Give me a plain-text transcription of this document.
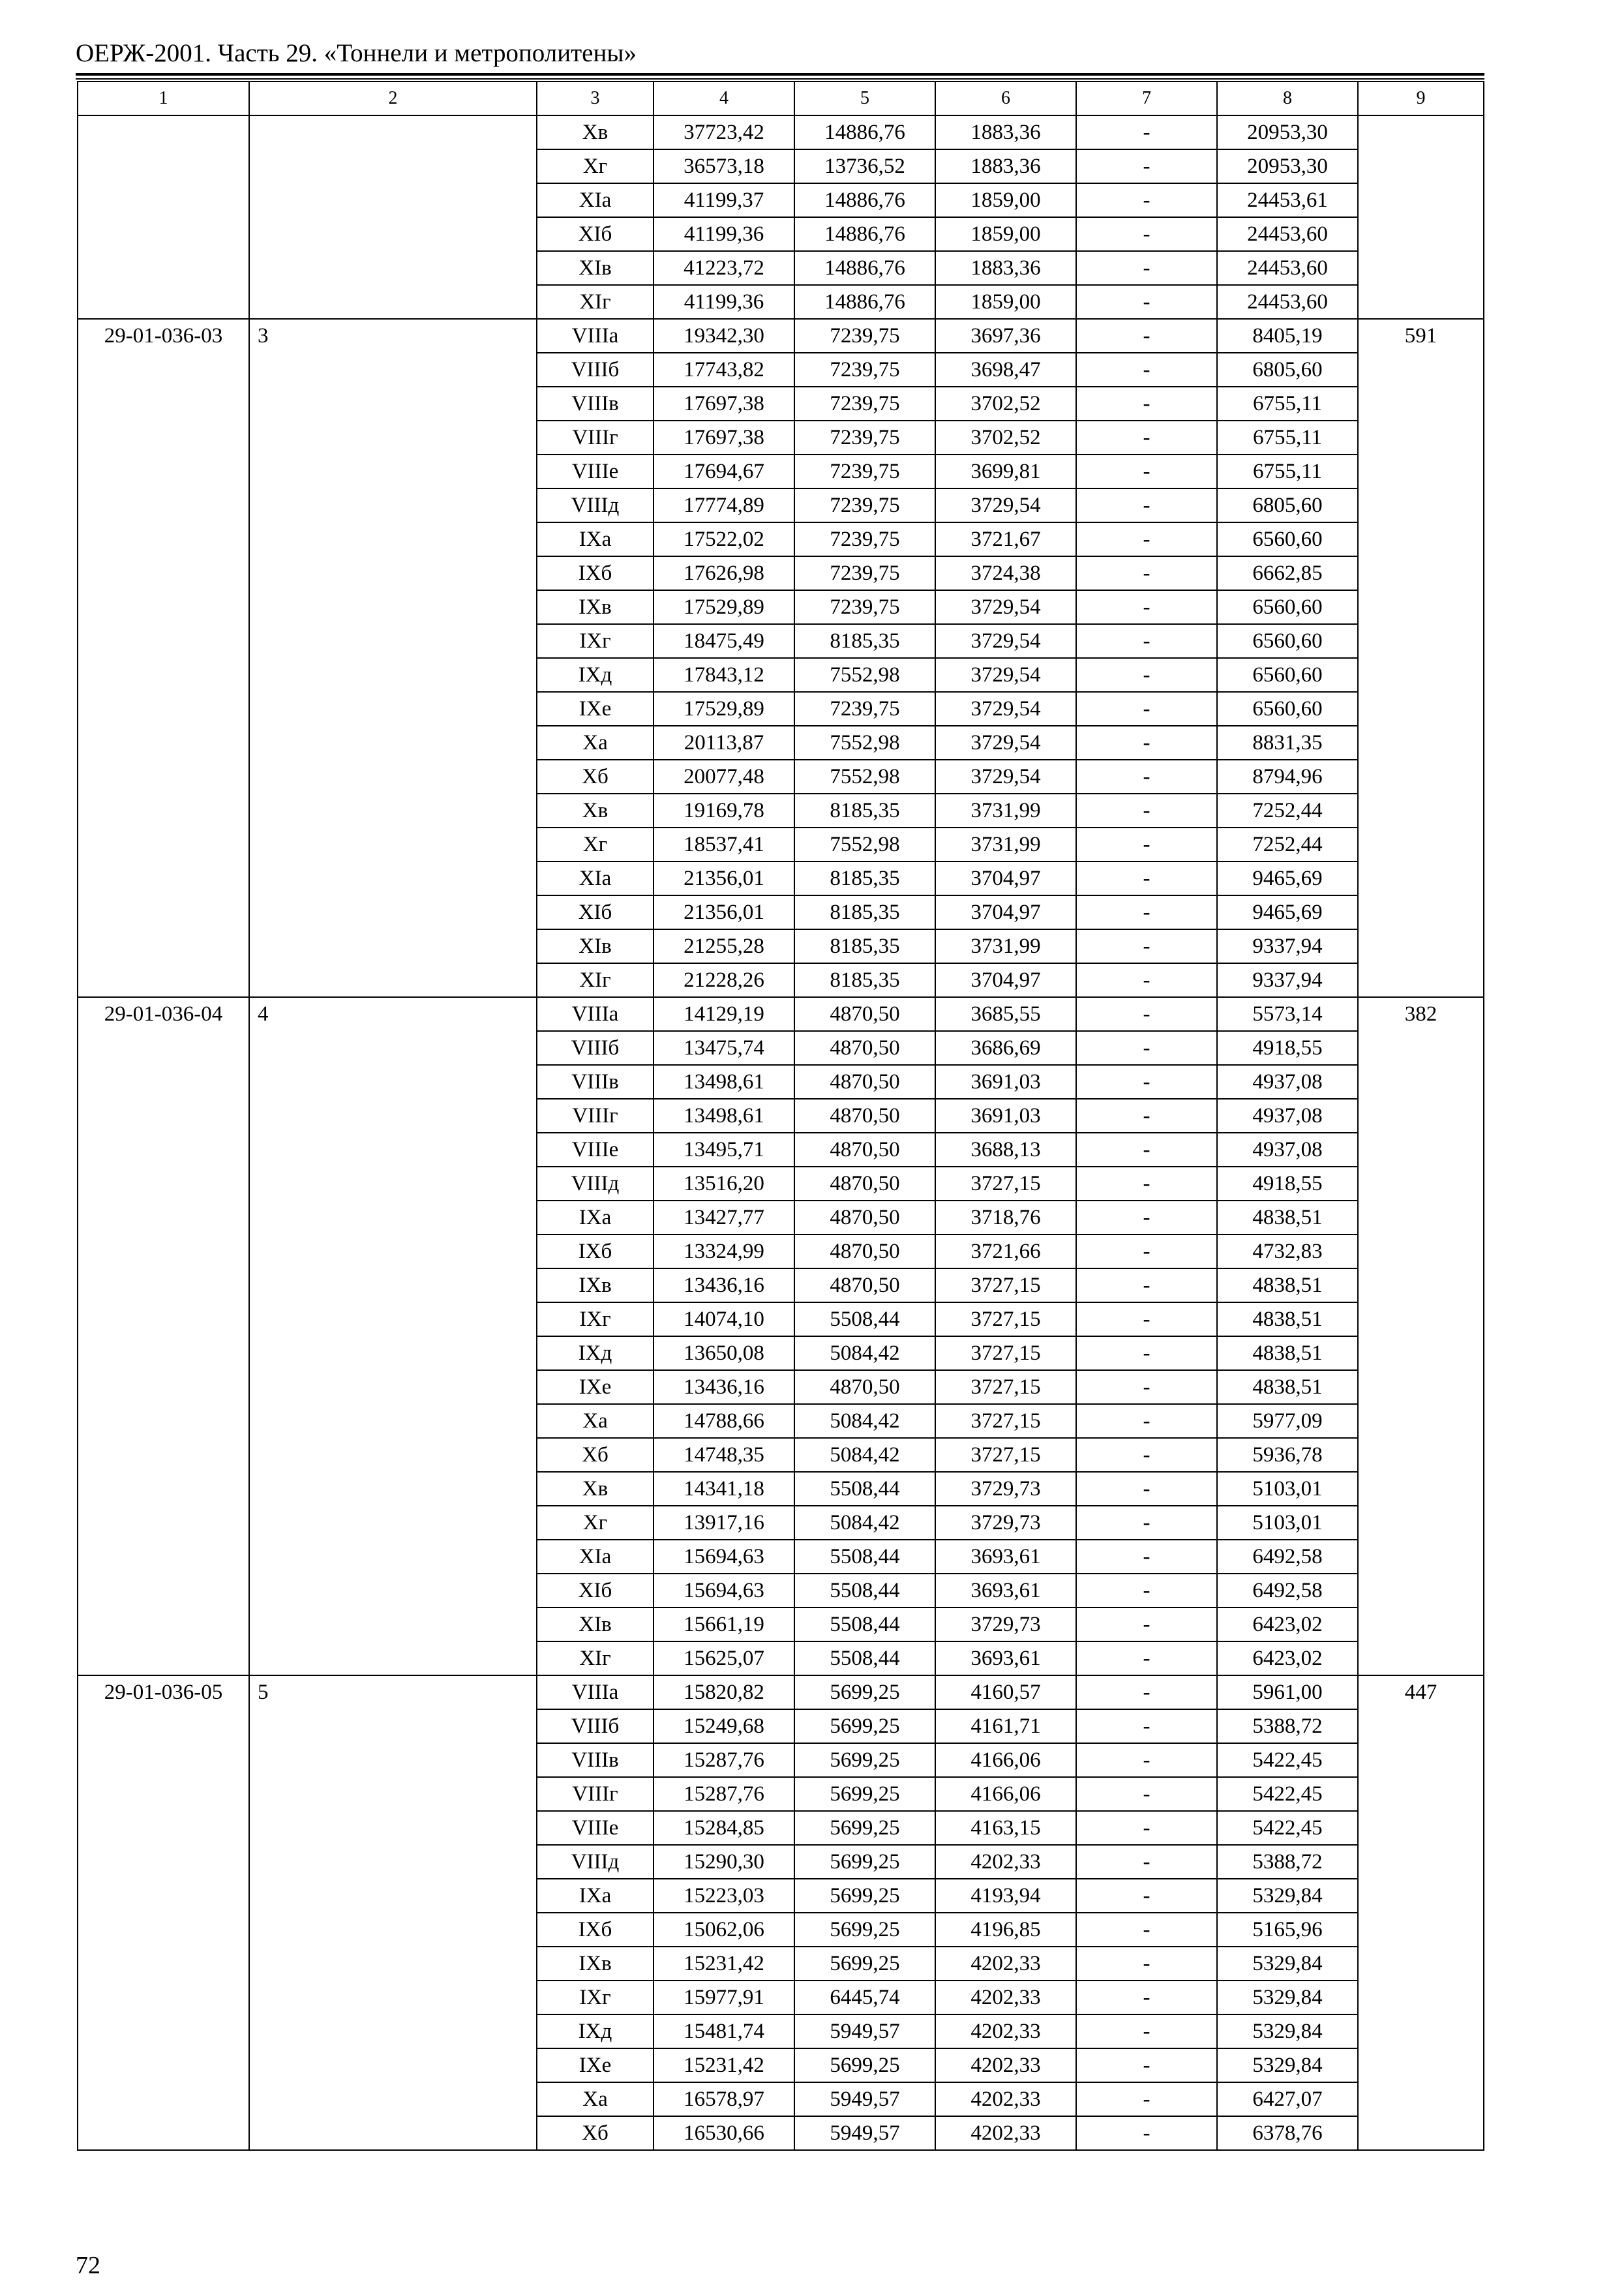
ОЕРЖ-2001. Часть 29. «Тоннели и метрополитены»
1	2	3	4	5	6	7	8	9
		Хв	37723,42	14886,76	1883,36	-	20953,30	
		Хг	36573,18	13736,52	1883,36	-	20953,30	
		XIа	41199,37	14886,76	1859,00	-	24453,61	
		XIб	41199,36	14886,76	1859,00	-	24453,60	
		XIв	41223,72	14886,76	1883,36	-	24453,60	
		XIг	41199,36	14886,76	1859,00	-	24453,60	
29-01-036-03	3	VIIIа	19342,30	7239,75	3697,36	-	8405,19	591
		VIIIб	17743,82	7239,75	3698,47	-	6805,60	
		VIIIв	17697,38	7239,75	3702,52	-	6755,11	
		VIIIг	17697,38	7239,75	3702,52	-	6755,11	
		VIIIе	17694,67	7239,75	3699,81	-	6755,11	
		VIIIд	17774,89	7239,75	3729,54	-	6805,60	
		IXа	17522,02	7239,75	3721,67	-	6560,60	
		IXб	17626,98	7239,75	3724,38	-	6662,85	
		IXв	17529,89	7239,75	3729,54	-	6560,60	
		IXг	18475,49	8185,35	3729,54	-	6560,60	
		IXд	17843,12	7552,98	3729,54	-	6560,60	
		IXе	17529,89	7239,75	3729,54	-	6560,60	
		Ха	20113,87	7552,98	3729,54	-	8831,35	
		Хб	20077,48	7552,98	3729,54	-	8794,96	
		Хв	19169,78	8185,35	3731,99	-	7252,44	
		Хг	18537,41	7552,98	3731,99	-	7252,44	
		XIа	21356,01	8185,35	3704,97	-	9465,69	
		XIб	21356,01	8185,35	3704,97	-	9465,69	
		XIв	21255,28	8185,35	3731,99	-	9337,94	
		XIг	21228,26	8185,35	3704,97	-	9337,94	
29-01-036-04	4	VIIIа	14129,19	4870,50	3685,55	-	5573,14	382
		VIIIб	13475,74	4870,50	3686,69	-	4918,55	
		VIIIв	13498,61	4870,50	3691,03	-	4937,08	
		VIIIг	13498,61	4870,50	3691,03	-	4937,08	
		VIIIе	13495,71	4870,50	3688,13	-	4937,08	
		VIIIд	13516,20	4870,50	3727,15	-	4918,55	
		IXа	13427,77	4870,50	3718,76	-	4838,51	
		IXб	13324,99	4870,50	3721,66	-	4732,83	
		IXв	13436,16	4870,50	3727,15	-	4838,51	
		IXг	14074,10	5508,44	3727,15	-	4838,51	
		IXд	13650,08	5084,42	3727,15	-	4838,51	
		IXе	13436,16	4870,50	3727,15	-	4838,51	
		Ха	14788,66	5084,42	3727,15	-	5977,09	
		Хб	14748,35	5084,42	3727,15	-	5936,78	
		Хв	14341,18	5508,44	3729,73	-	5103,01	
		Хг	13917,16	5084,42	3729,73	-	5103,01	
		XIа	15694,63	5508,44	3693,61	-	6492,58	
		XIб	15694,63	5508,44	3693,61	-	6492,58	
		XIв	15661,19	5508,44	3729,73	-	6423,02	
		XIг	15625,07	5508,44	3693,61	-	6423,02	
29-01-036-05	5	VIIIа	15820,82	5699,25	4160,57	-	5961,00	447
		VIIIб	15249,68	5699,25	4161,71	-	5388,72	
		VIIIв	15287,76	5699,25	4166,06	-	5422,45	
		VIIIг	15287,76	5699,25	4166,06	-	5422,45	
		VIIIе	15284,85	5699,25	4163,15	-	5422,45	
		VIIIд	15290,30	5699,25	4202,33	-	5388,72	
		IXа	15223,03	5699,25	4193,94	-	5329,84	
		IXб	15062,06	5699,25	4196,85	-	5165,96	
		IXв	15231,42	5699,25	4202,33	-	5329,84	
		IXг	15977,91	6445,74	4202,33	-	5329,84	
		IXд	15481,74	5949,57	4202,33	-	5329,84	
		IXе	15231,42	5699,25	4202,33	-	5329,84	
		Ха	16578,97	5949,57	4202,33	-	6427,07	
		Хб	16530,66	5949,57	4202,33	-	6378,76	
72
